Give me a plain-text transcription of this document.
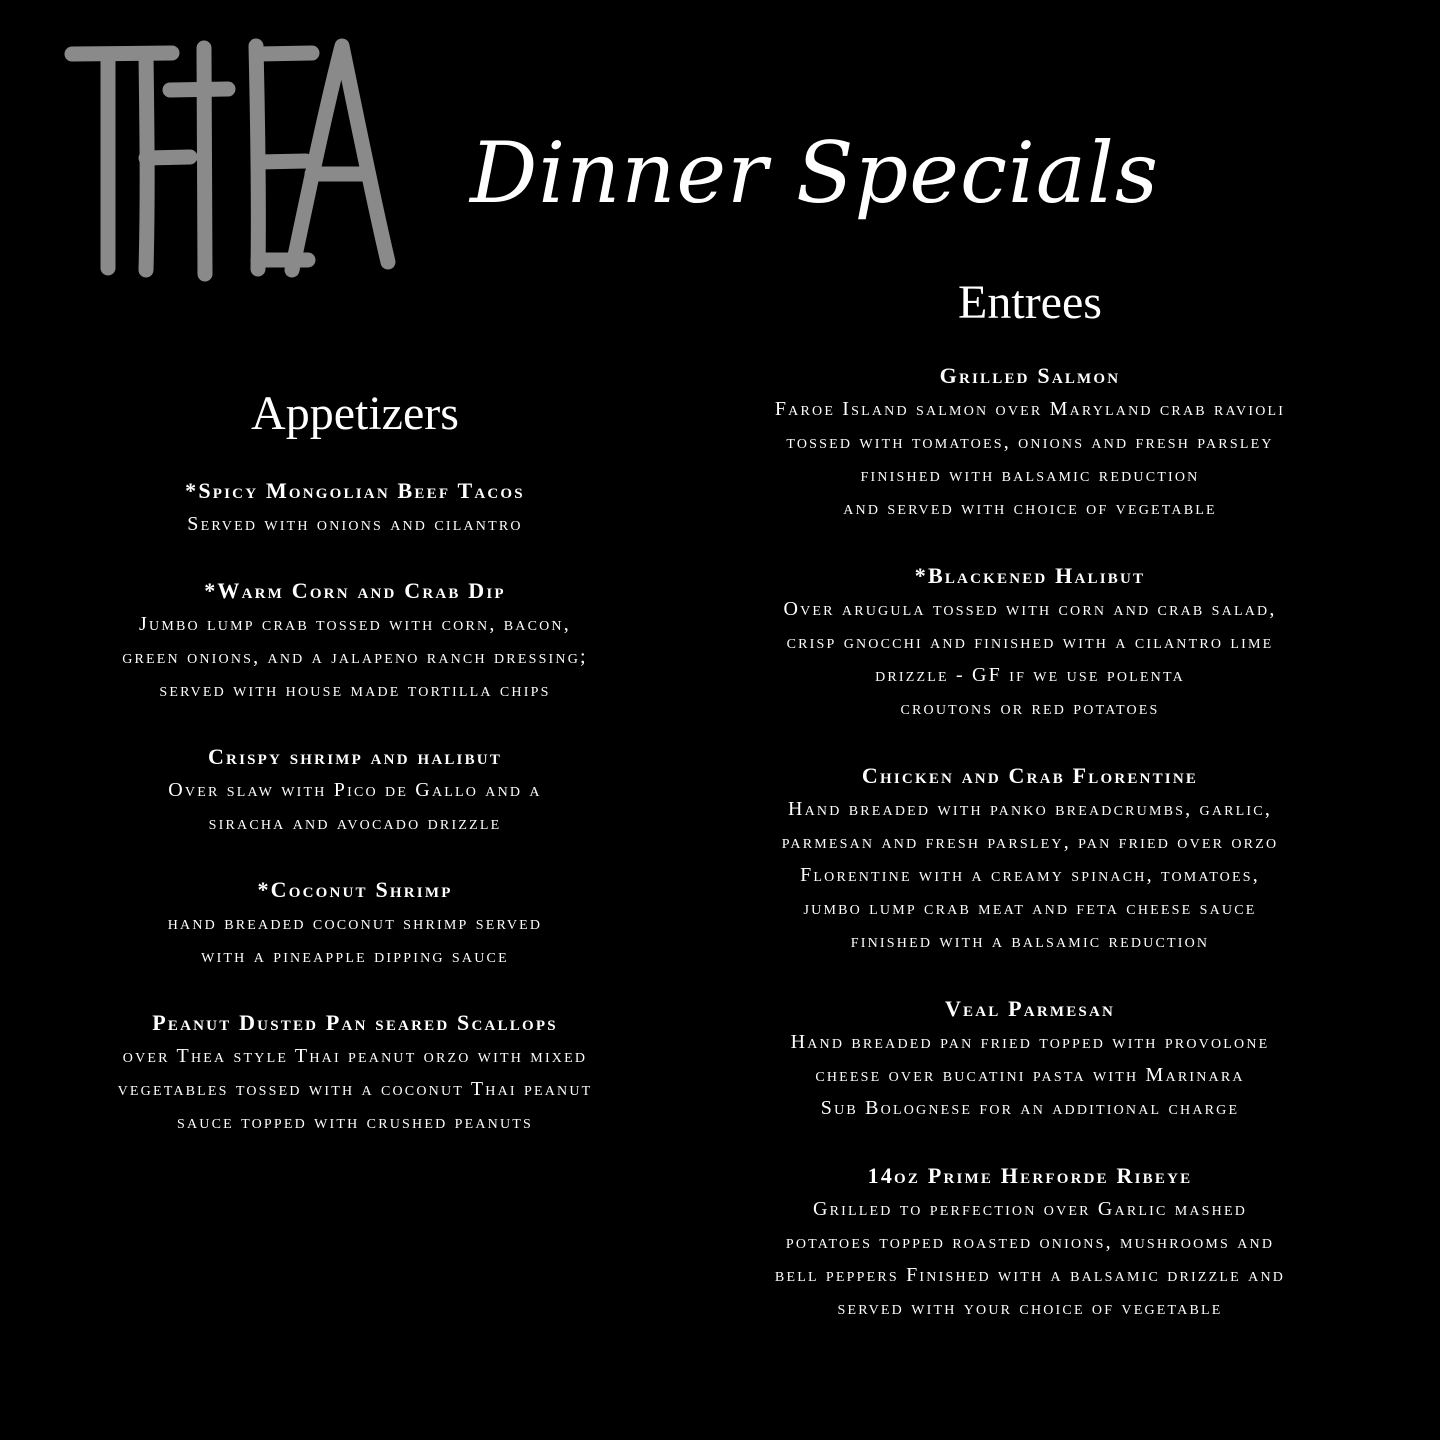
Dinner Specials
Appetizers
Entrees
*Spicy Mongolian Beef Tacos
Served with onions and cilantro
*Warm Corn and Crab Dip
Jumbo lump crab tossed with corn, bacon,
green onions, and a jalapeno ranch dressing;
served with house made tortilla chips
Crispy shrimp and halibut
Over slaw with Pico de Gallo and a
siracha and avocado drizzle
*Coconut Shrimp
hand breaded coconut shrimp served
with a pineapple dipping sauce
Peanut Dusted Pan seared Scallops
over Thea style Thai peanut orzo with mixed
vegetables tossed with a coconut Thai peanut
sauce topped with crushed peanuts
Grilled Salmon
Faroe Island salmon over Maryland crab ravioli
tossed with tomatoes, onions and fresh parsley
finished with balsamic reduction
and served with choice of vegetable
*Blackened Halibut
Over arugula tossed with corn and crab salad,
crisp gnocchi and finished with a cilantro lime
drizzle - GF if we use polenta
croutons or red potatoes
Chicken and Crab Florentine
Hand breaded with panko breadcrumbs, garlic,
parmesan and fresh parsley, pan fried over orzo
Florentine with a creamy spinach, tomatoes,
jumbo lump crab meat and feta cheese sauce
finished with a balsamic reduction
Veal Parmesan
Hand breaded pan fried topped with provolone
cheese over bucatini pasta with Marinara
Sub Bolognese for an additional charge
14oz Prime Herforde Ribeye
Grilled to perfection over Garlic mashed
potatoes topped roasted onions, mushrooms and
bell peppers Finished with a balsamic drizzle and
served with your choice of vegetable
